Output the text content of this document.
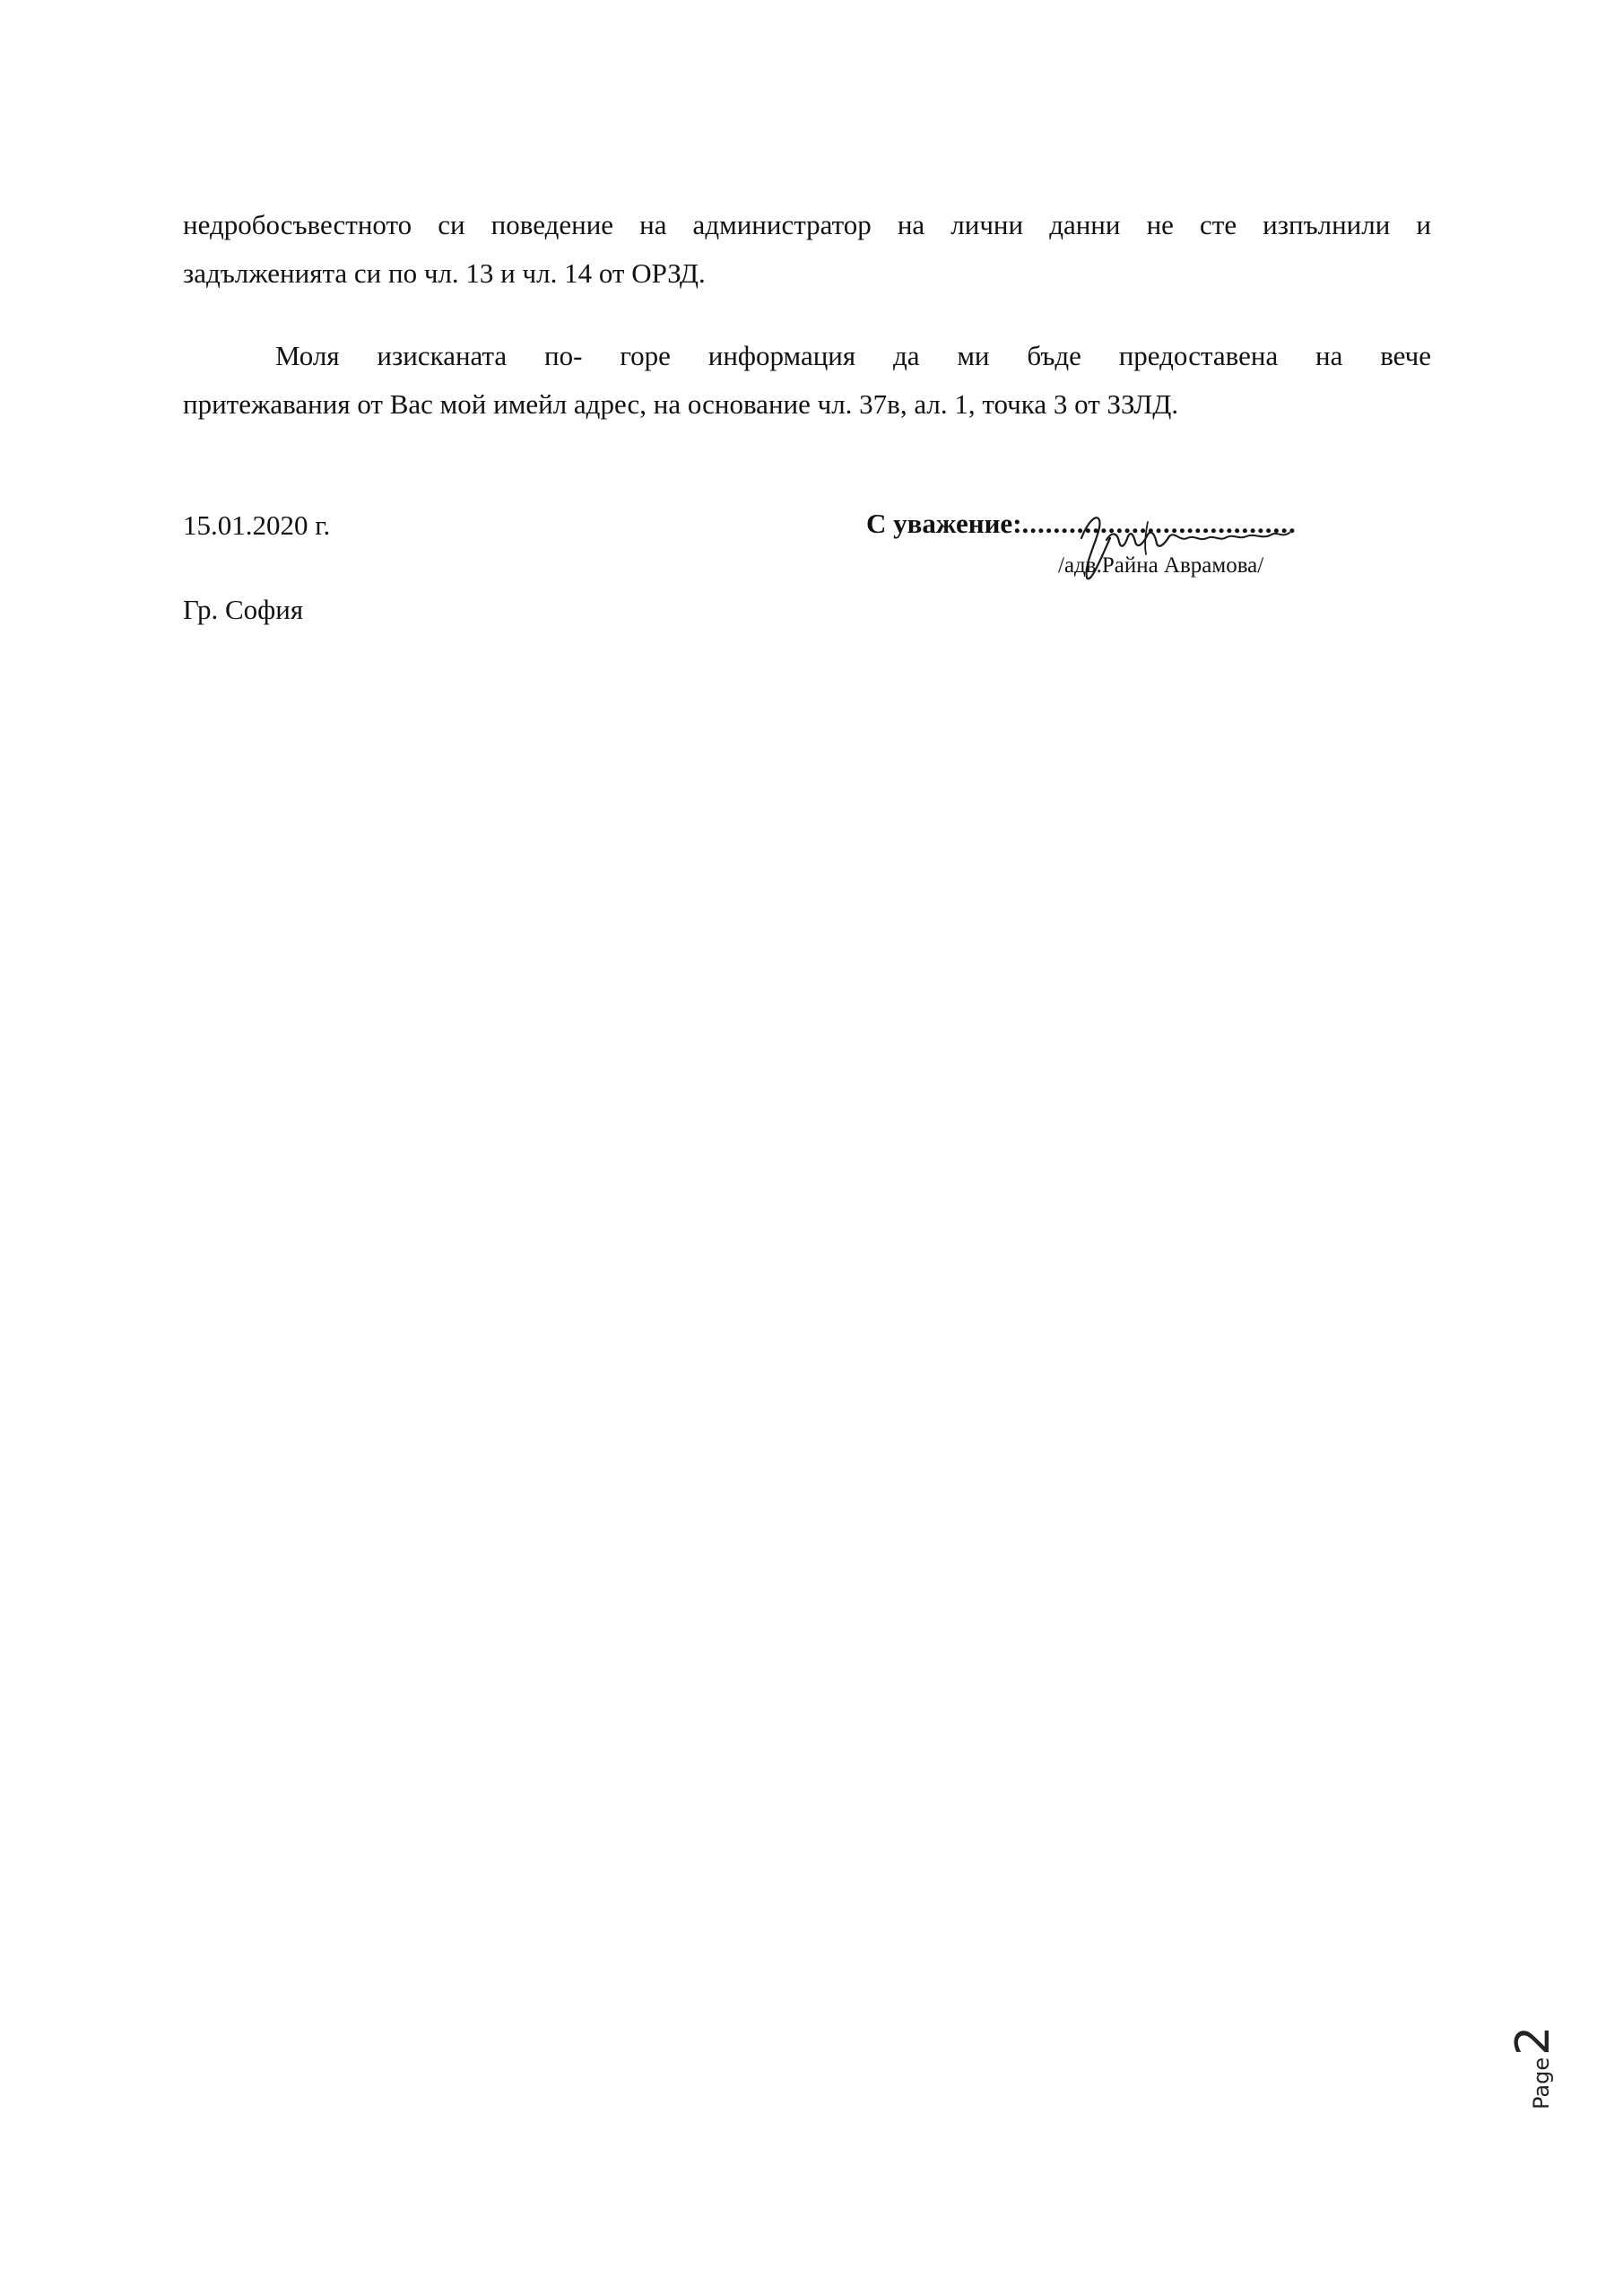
недробосъвестното си поведение на администратор на лични данни не сте изпълнили и
задълженията си по чл. 13 и чл. 14 от ОРЗД.
Моля изисканата по- горе информация да ми бъде предоставена на вече
притежавания от Вас мой имейл адрес, на основание чл. 37в, ал. 1, точка 3 от ЗЗЛД.
15.01.2020 г.	С уважение:...................................
/адв.Райна Аврамова/
Гр. София
Page2
